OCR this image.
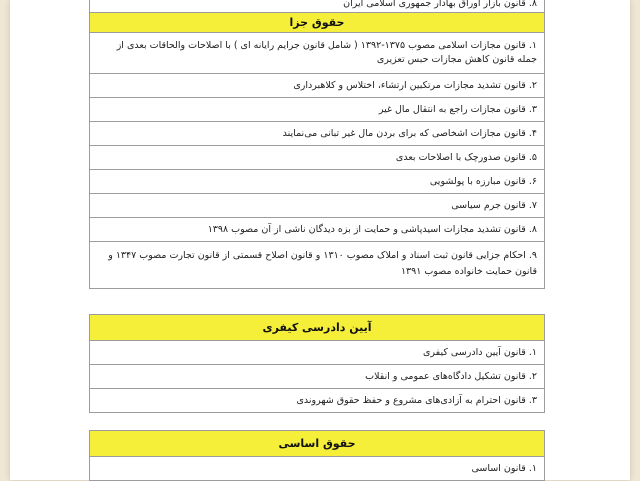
۸. قانون بازار اوراق بهادار جمهوری اسلامی ایران
حقوق جزا
۱. قانون مجازات اسلامی مصوب ۱۳۷۵-۱۳۹۲ ( شامل قانون جرایم رایانه ای ) با اصلاحات والحاقات بعدی از جمله قانون کاهش مجازات حبس تعزیری
۲. قانون تشدید مجازات مرتکبین ارتشاء، اختلاس و کلاهبرداری
۳. قانون مجازات راجع به انتقال مال غیر
۴. قانون مجازات اشخاصی که برای بردن مال غیر تبانی می‌نمایند
۵. قانون صدورچک با اصلاحات بعدی
۶. قانون مبارزه با پولشویی
۷. قانون جرم سیاسی
۸. قانون تشدید مجازات اسیدپاشی و حمایت از بزه دیدگان ناشی از آن مصوب ۱۳۹۸
۹. احکام جزایی قانون ثبت اسناد و املاک مصوب ۱۳۱۰ و قانون اصلاح قسمتی از قانون تجارت مصوب ۱۳۴۷ و قانون حمایت خانواده مصوب ۱۳۹۱
آیین دادرسی کیفری
۱. قانون آیین دادرسی کیفری
۲. قانون تشکیل دادگاه‌های عمومی و انقلاب
۳. قانون احترام به آزادی‌های مشروع و حفظ حقوق شهروندی
حقوق اساسی
۱. قانون اساسی
